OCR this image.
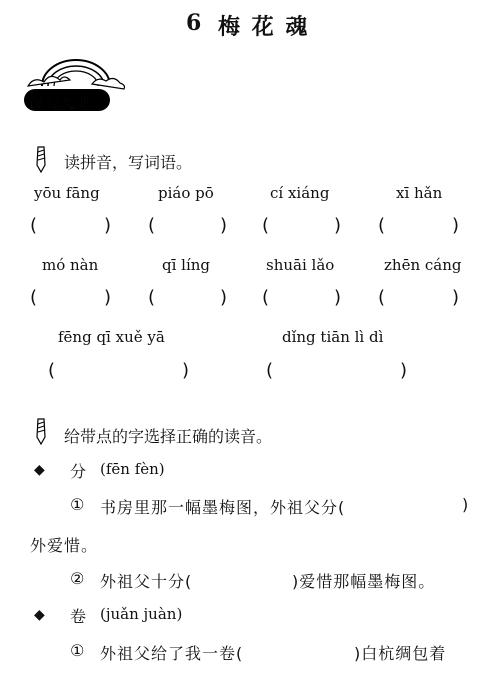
6 梅 花 魂
词句天地
读拼音，写词语。
yōu fāng	piáo pō	cí xiáng	xī hǎn
(	) (	) (	) (	)
mó nàn	qī líng	shuāi lǎo	zhēn cáng
(	) (	) (	) (	)
fēng qī xuě yā	dǐng tiān lì dì
(	)	(	)
给带点的字选择正确的读音。
◆ 分 (fēn fèn)
① 书房里那一幅墨梅图，外祖父分(	)
外爱惜。
② 外祖父十分(	)爱惜那幅墨梅图。
◆ 卷 (juǎn juàn)
① 外祖父给了我一卷(	)白杭绸包着
